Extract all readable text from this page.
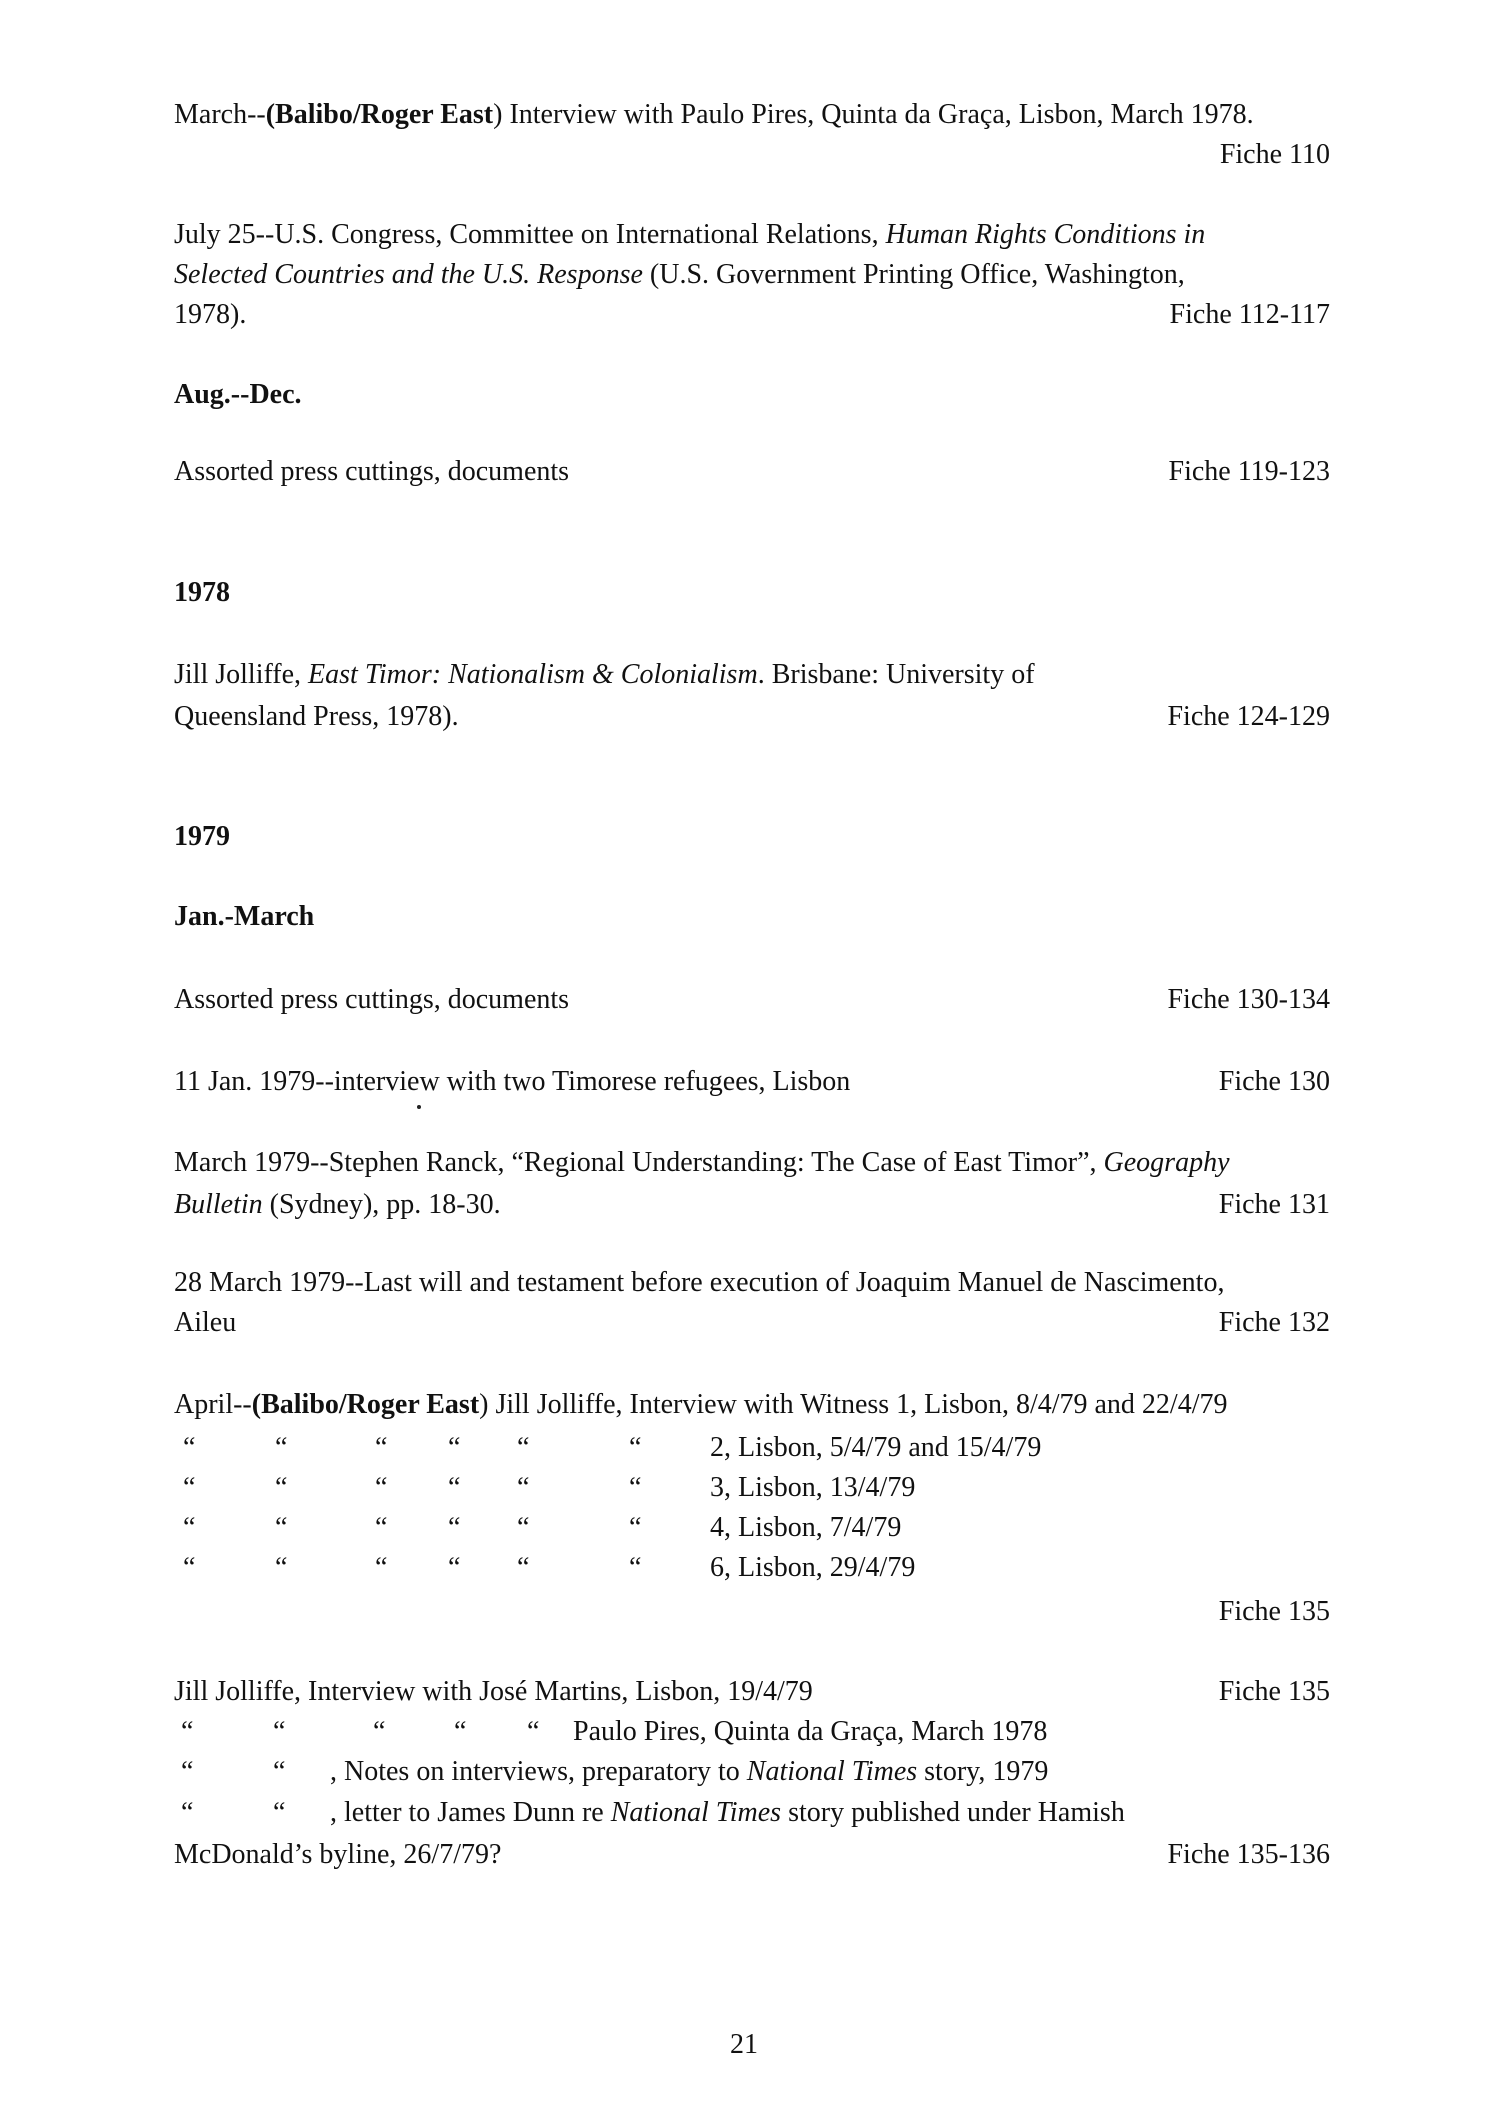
March--(Balibo/Roger East) Interview with Paulo Pires, Quinta da Graça, Lisbon, March 1978.
Fiche 110
July 25--U.S. Congress, Committee on International Relations, Human Rights Conditions in
Selected Countries and the U.S. Response (U.S. Government Printing Office, Washington,
1978).	Fiche 112-117
Aug.--Dec.
Assorted press cuttings, documents	Fiche 119-123
1978
Jill Jolliffe, East Timor: Nationalism & Colonialism. Brisbane: University of
Queensland Press, 1978).	Fiche 124-129
1979
Jan.-March
Assorted press cuttings, documents	Fiche 130-134
11 Jan. 1979--interview with two Timorese refugees, Lisbon	Fiche 130
March 1979--Stephen Ranck, “Regional Understanding: The Case of East Timor”, Geography
Bulletin (Sydney), pp. 18-30.	Fiche 131
28 March 1979--Last will and testament before execution of Joaquim Manuel de Nascimento,
Aileu	Fiche 132
April--(Balibo/Roger East) Jill Jolliffe, Interview with Witness 1, Lisbon, 8/4/79 and 22/4/79
“	“	“ “ “	“ 2, Lisbon, 5/4/79 and 15/4/79
“	“	“ “ “	“ 3, Lisbon, 13/4/79
“	“	“ “ “	“ 4, Lisbon, 7/4/79
“	“	“ “ “	“ 6, Lisbon, 29/4/79
Fiche 135
Jill Jolliffe, Interview with José Martins, Lisbon, 19/4/79	Fiche 135
“	“	“ “ “ Paulo Pires, Quinta da Graça, March 1978
“	“ , Notes on interviews, preparatory to National Times story, 1979
“	“ , letter to James Dunn re National Times story published under Hamish
McDonald’s byline, 26/7/79?	Fiche 135-136
21
